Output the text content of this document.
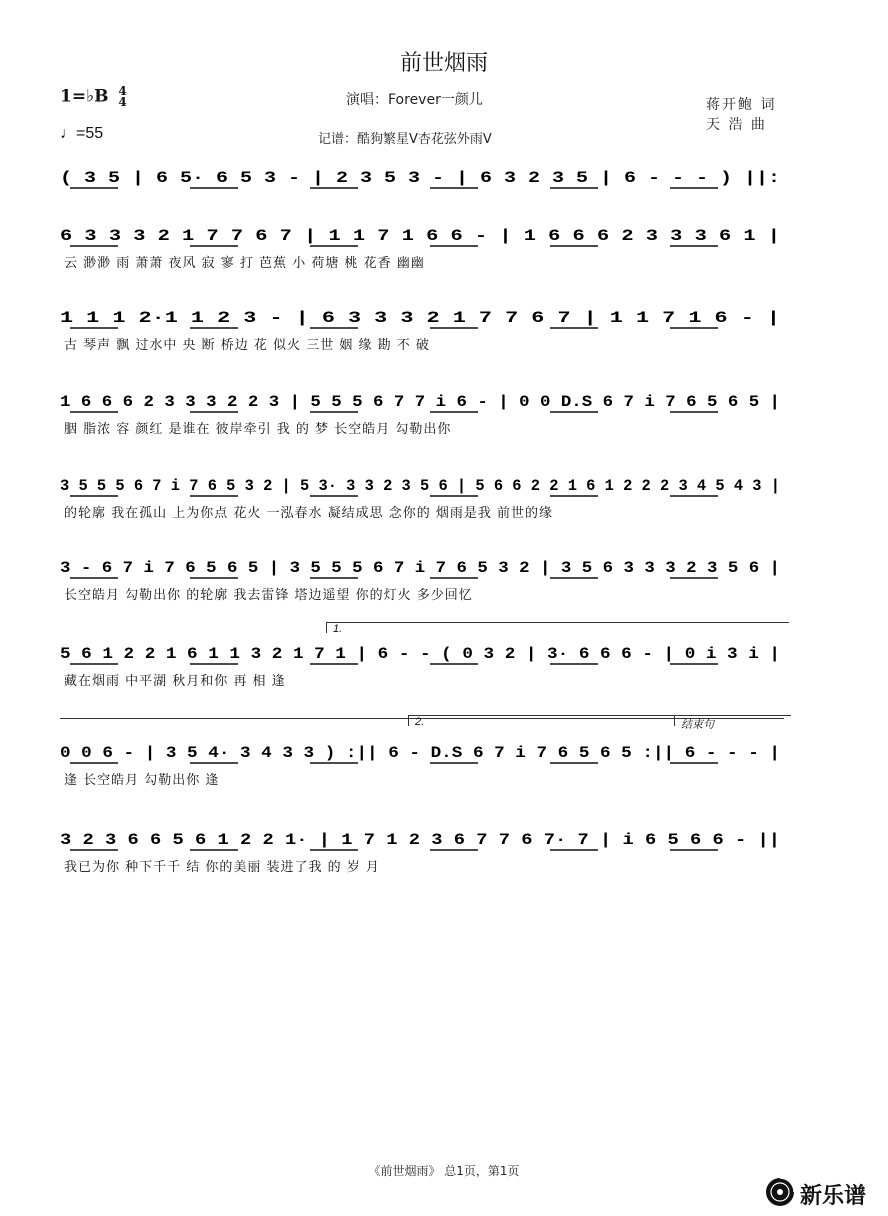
前世烟雨
1=♭B 4
4
♩=55
演唱：Forever一颜儿
记谱：酷狗繁星V杏花弦外雨V
蒋开鲍 词
天 浩 曲
( 3 5 | 6 5· 6 5 3 - | 2 3 5 3 - | 6 3 2 3 5 | 6 - - - ) ||:
6 3 3 3 2 1 7 7 6 7 | 1 1 7 1 6 6 - | 1 6 6 6 2 3 3 3 6 1 |
云 渺渺 雨 萧萧 夜风 寂 寥 打 芭蕉 小 荷塘 桃 花香 幽幽
1 1 1 2·1 1 2 3 - | 6 3 3 3 2 1 7 7 6 7 | 1 1 7 1 6 - |
古 琴声 飘 过水中 央 断 桥边 花 似火 三世 姻 缘 勘 不 破
1 6 6 6 2 3 3 3 2 2 3 | 5 5 5 6 7 7 i 6 - | 0 0 D.S 6 7 i 7 6 5 6 5 |
胭 脂浓 容 颜红 是谁在 彼岸牵引 我 的 梦 长空皓月 勾勒出你
3 5 5 5 6 7 i 7 6 5 3 2 | 5 3· 3 3 2 3 5 6 | 5 6 6 2 2 1 6 1 2 2 2 3 4 5 4 3 |
的轮廓 我在孤山 上为你点 花火 一泓春水 凝结成思 念你的 烟雨是我 前世的缘
3 - 6 7 i 7 6 5 6 5 | 3 5 5 5 6 7 i 7 6 5 3 2 | 3 5 6 3 3 3 2 3 5 6 |
长空皓月 勾勒出你 的轮廓 我去雷锋 塔边遥望 你的灯火 多少回忆
1.
5 6 1 2 2 1 6 1 1 3 2 1 7 1 | 6 - - ( 0 3 2 | 3· 6 6 6 - | 0 i 3 i |
藏在烟雨 中平湖 秋月和你 再 相 逢
2.	结束句
0 0 6 - | 3 5 4· 3 4 3 3 ) :|| 6 - D.S 6 7 i 7 6 5 6 5 :|| 6 - - - |
逢 长空皓月 勾勒出你 逢
3 2 3 6 6 5 6 1 2 2 1· | 1 7 1 2 3 6 7 7 6 7· 7 | i 6 5 6 6 - ||
我已为你 种下千千 结 你的美丽 装进了我 的 岁 月
《前世烟雨》 总1页，第1页
新乐谱
